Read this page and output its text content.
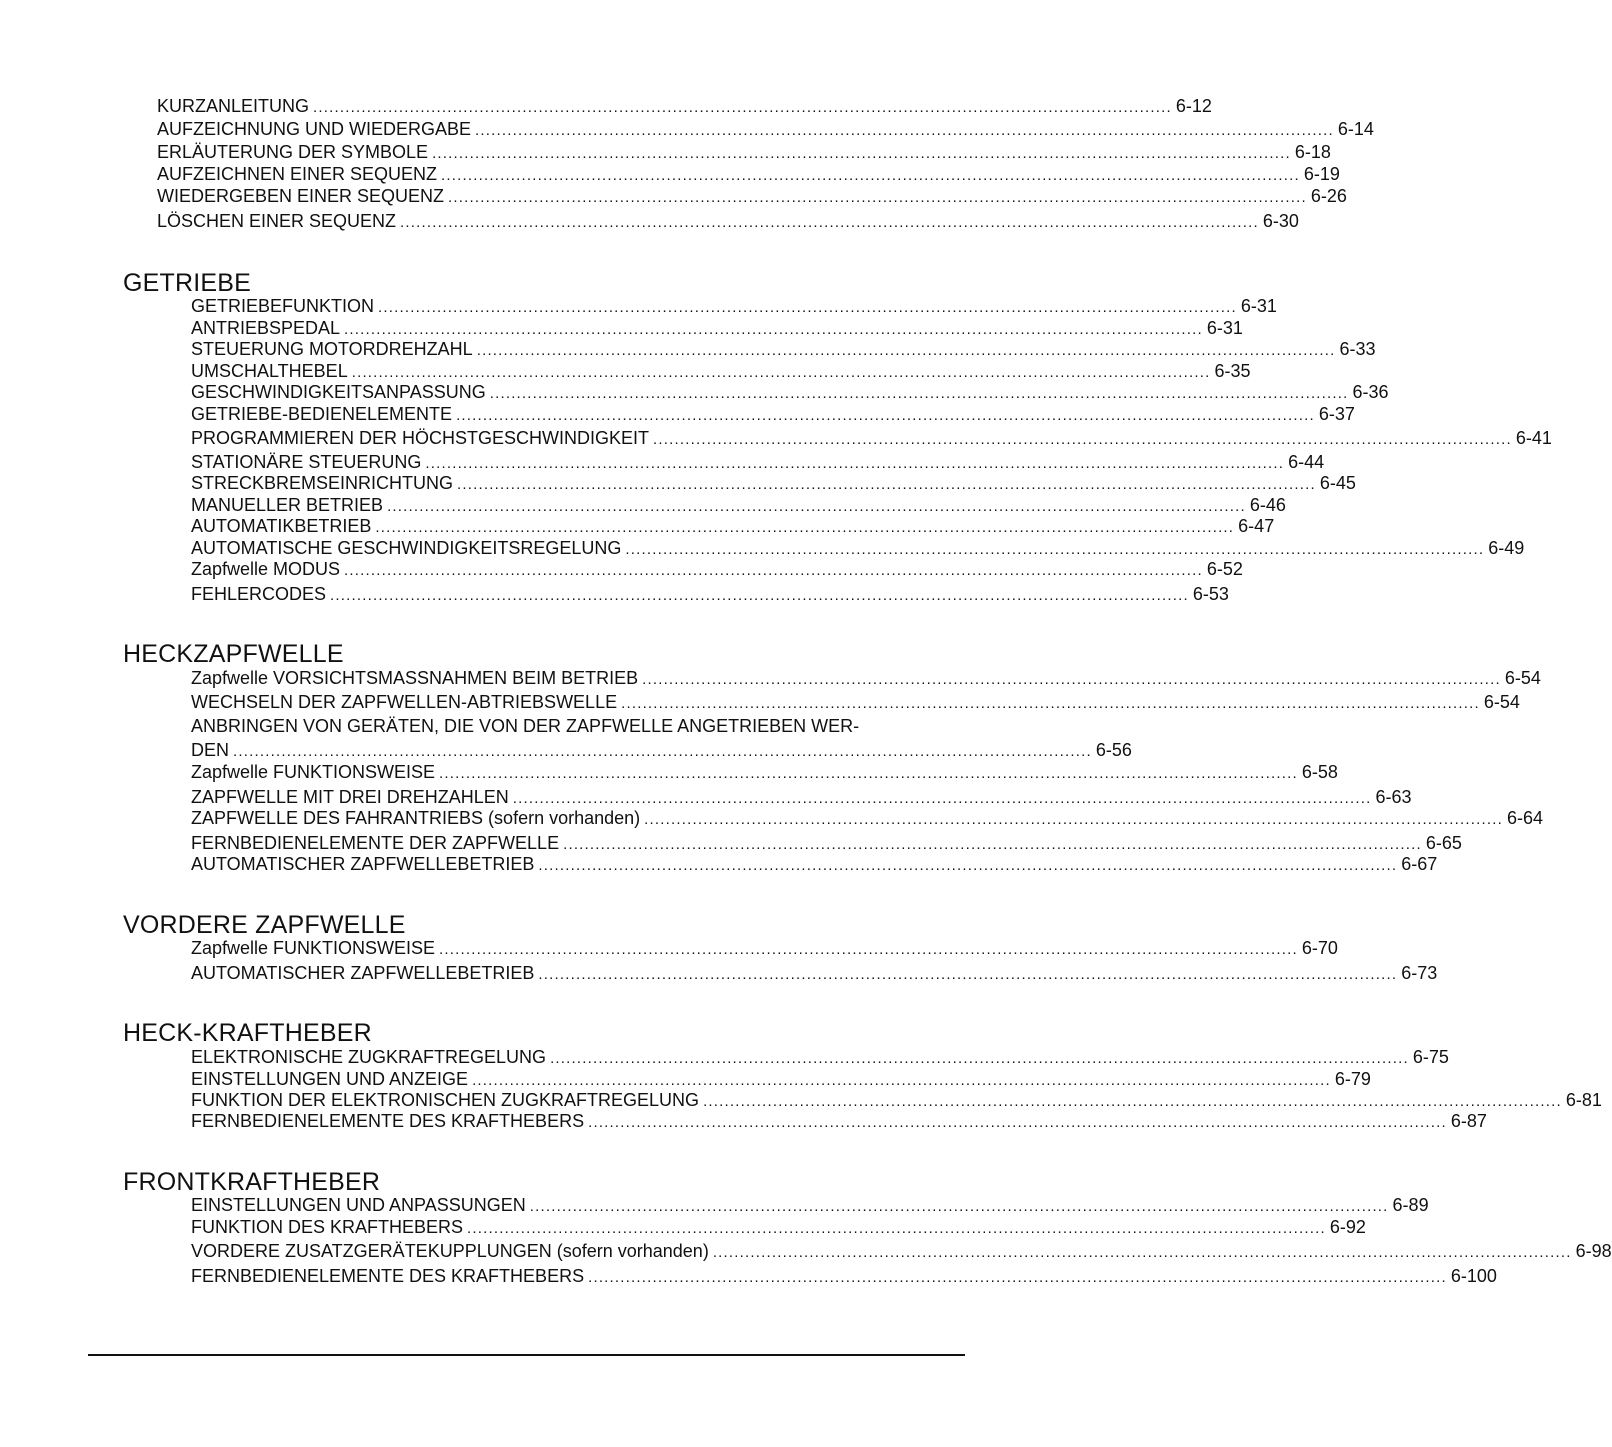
KURZANLEITUNG ................................................................................................................................................................ 6-12
AUFZEICHNUNG UND WIEDERGABE ................................................................................................................................................................ 6-14
ERLÄUTERUNG DER SYMBOLE ................................................................................................................................................................ 6-18
AUFZEICHNEN EINER SEQUENZ ................................................................................................................................................................ 6-19
WIEDERGEBEN EINER SEQUENZ ................................................................................................................................................................ 6-26
LÖSCHEN EINER SEQUENZ ................................................................................................................................................................ 6-30
GETRIEBE
GETRIEBEFUNKTION ................................................................................................................................................................ 6-31
ANTRIEBSPEDAL ................................................................................................................................................................ 6-31
STEUERUNG MOTORDREHZAHL ................................................................................................................................................................ 6-33
UMSCHALTHEBEL ................................................................................................................................................................ 6-35
GESCHWINDIGKEITSANPASSUNG ................................................................................................................................................................ 6-36
GETRIEBE-BEDIENELEMENTE ................................................................................................................................................................ 6-37
PROGRAMMIEREN DER HÖCHSTGESCHWINDIGKEIT ................................................................................................................................................................ 6-41
STATIONÄRE STEUERUNG ................................................................................................................................................................ 6-44
STRECKBREMSEINRICHTUNG ................................................................................................................................................................ 6-45
MANUELLER BETRIEB ................................................................................................................................................................ 6-46
AUTOMATIKBETRIEB ................................................................................................................................................................ 6-47
AUTOMATISCHE GESCHWINDIGKEITSREGELUNG ................................................................................................................................................................ 6-49
Zapfwelle MODUS ................................................................................................................................................................ 6-52
FEHLERCODES ................................................................................................................................................................ 6-53
HECKZAPFWELLE
Zapfwelle VORSICHTSMASSNAHMEN BEIM BETRIEB ................................................................................................................................................................ 6-54
WECHSELN DER ZAPFWELLEN-ABTRIEBSWELLE ................................................................................................................................................................ 6-54
ANBRINGEN VON GERÄTEN, DIE VON DER ZAPFWELLE ANGETRIEBEN WER-
DEN ................................................................................................................................................................ 6-56
Zapfwelle FUNKTIONSWEISE ................................................................................................................................................................ 6-58
ZAPFWELLE MIT DREI DREHZAHLEN ................................................................................................................................................................ 6-63
ZAPFWELLE DES FAHRANTRIEBS (sofern vorhanden) ................................................................................................................................................................ 6-64
FERNBEDIENELEMENTE DER ZAPFWELLE ................................................................................................................................................................ 6-65
AUTOMATISCHER ZAPFWELLEBETRIEB ................................................................................................................................................................ 6-67
VORDERE ZAPFWELLE
Zapfwelle FUNKTIONSWEISE ................................................................................................................................................................ 6-70
AUTOMATISCHER ZAPFWELLEBETRIEB ................................................................................................................................................................ 6-73
HECK-KRAFTHEBER
ELEKTRONISCHE ZUGKRAFTREGELUNG ................................................................................................................................................................ 6-75
EINSTELLUNGEN UND ANZEIGE ................................................................................................................................................................ 6-79
FUNKTION DER ELEKTRONISCHEN ZUGKRAFTREGELUNG ................................................................................................................................................................ 6-81
FERNBEDIENELEMENTE DES KRAFTHEBERS ................................................................................................................................................................ 6-87
FRONTKRAFTHEBER
EINSTELLUNGEN UND ANPASSUNGEN ................................................................................................................................................................ 6-89
FUNKTION DES KRAFTHEBERS ................................................................................................................................................................ 6-92
VORDERE ZUSATZGERÄTEKUPPLUNGEN (sofern vorhanden) ................................................................................................................................................................ 6-98
FERNBEDIENELEMENTE DES KRAFTHEBERS ................................................................................................................................................................ 6-100
